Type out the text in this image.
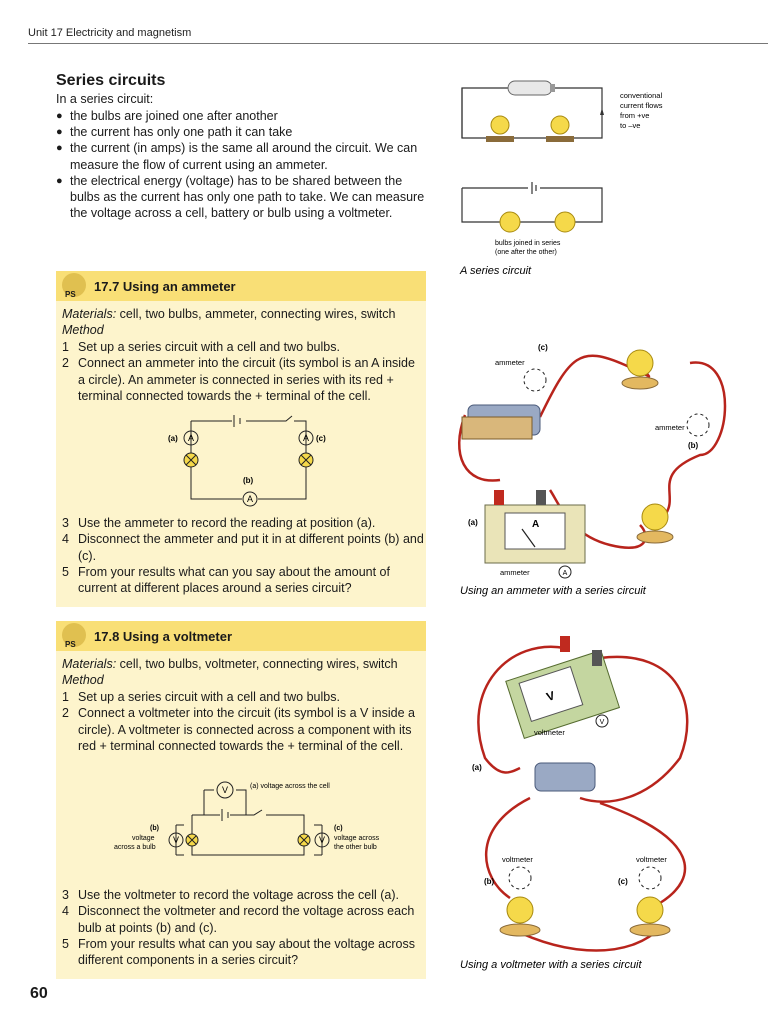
Unit 17 Electricity and magnetism
Series circuits
In a series circuit:
● the bulbs are joined one after another
● the current has only one path it can take
● the current (in amps) is the same all around the circuit. We can measure the flow of current using an ammeter.
● the electrical energy (voltage) has to be shared between the bulbs as the current has only one path to take. We can measure the voltage across a cell, battery or bulb using a voltmeter.
PS
17.7 Using an ammeter
Materials: cell, two bulbs, ammeter, connecting wires, switch
Method
1 Set up a series circuit with a cell and two bulbs.
2 Connect an ammeter into the circuit (its symbol is an A inside a circle). An ammeter is connected in series with its red + terminal connected towards the + terminal of the cell.
A	A
A
(a)	(c)
(b)
3 Use the ammeter to record the reading at position (a).
4 Disconnect the ammeter and put it in at different points (b) and (c).
5 From your results what can you say about the amount of current at different places around a series circuit?
PS
17.8 Using a voltmeter
Materials: cell, two bulbs, voltmeter, connecting wires, switch
Method
1 Set up a series circuit with a cell and two bulbs.
2 Connect a voltmeter into the circuit (its symbol is a V inside a circle). A voltmeter is connected across a component with its red + terminal connected towards the + terminal of the cell.
V
V	V
(a) voltage across the cell
(b)
voltage
across a bulb
(c)
voltage across
the other bulb
3 Use the voltmeter to record the voltage across the cell (a).
4 Disconnect the voltmeter and record the voltage across each bulb at points (b) and (c).
5 From your results what can you say about the voltage across different components in a series circuit?
conventional
current flows
from +ve
to –ve
bulbs joined in series
(one after the other)
A series circuit
A
ammeter
(c)
ammeter
(b)
(a)
ammeter	A
Using an ammeter with a series circuit
V
voltmeter
V
(a)
voltmeter
(b)
voltmeter
(c)
Using a voltmeter with a series circuit
60
